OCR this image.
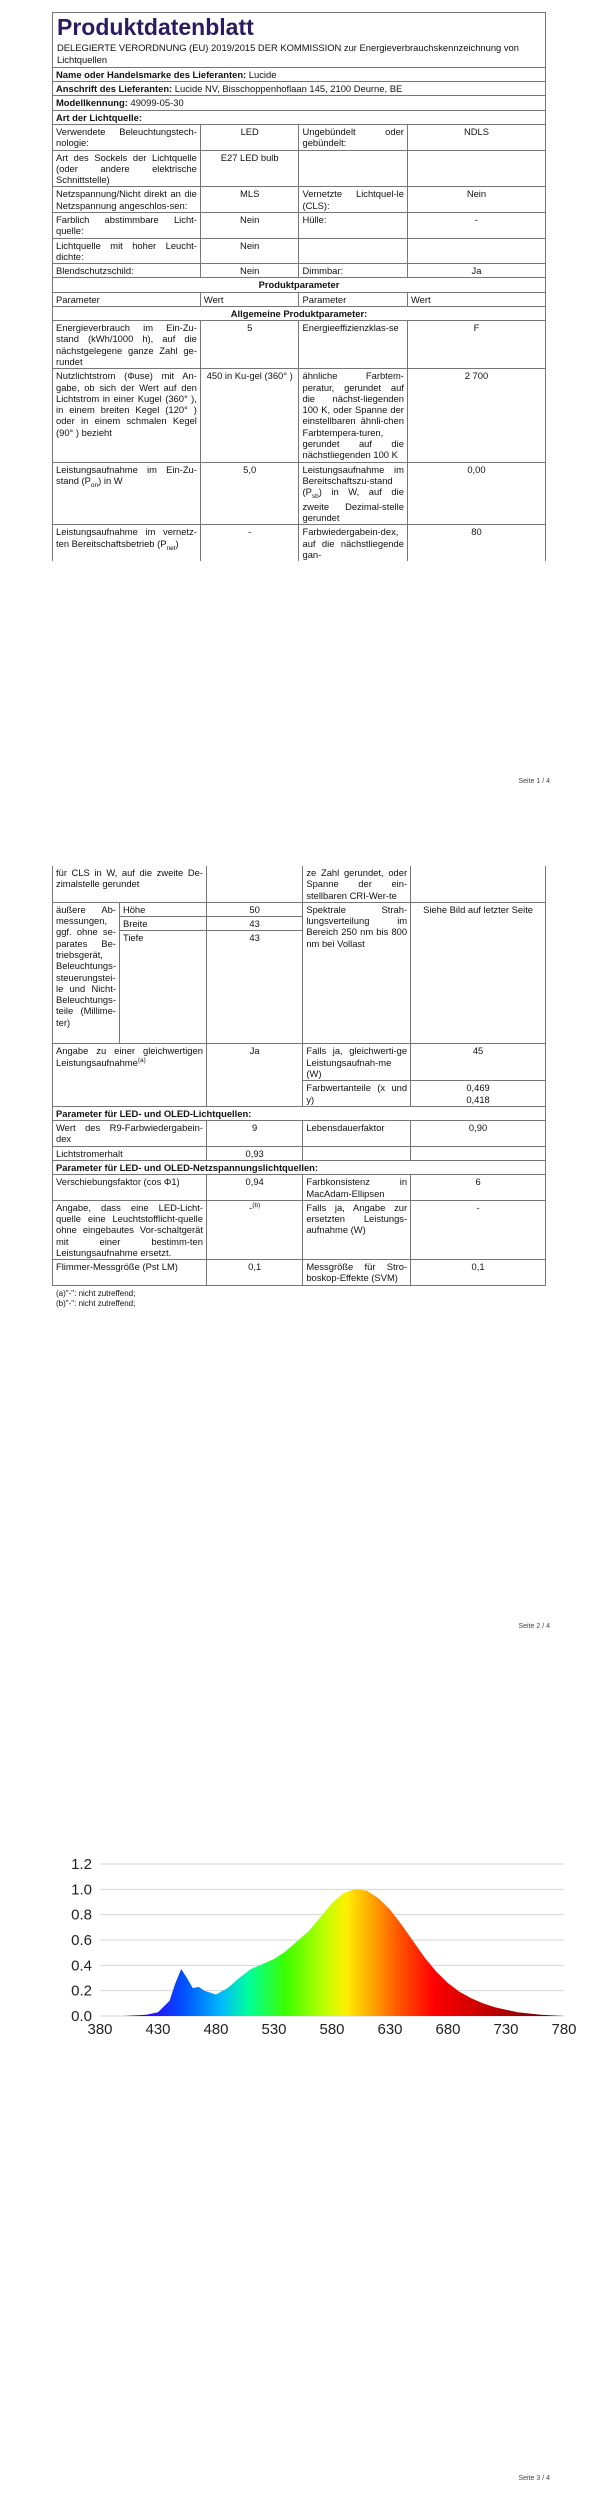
Produktdatenblatt
DELEGIERTE VERORDNUNG (EU) 2019/2015 DER KOMMISSION zur Energieverbrauchskennzeichnung von Lichtquellen			

Name oder Handelsmarke des Lieferanten: Lucide			
Anschrift des Lieferanten: Lucide NV, Bisschoppenhoflaan 145, 2100 Deurne, BE			
Modellkennung: 49099-05-30			
Art der Lichtquelle:			
Verwendete Beleuchtungstech-nologie:	LED	Ungebündelt oder gebündelt:	NDLS
Art des Sockels der Lichtquelle (oder andere elektrische Schnittstelle)	E27 LED bulb		
Netzspannung/Nicht direkt an die Netzspannung angeschlos-sen:	MLS	Vernetzte Lichtquel-le (CLS):	Nein
Farblich abstimmbare Licht-quelle:	Nein	Hülle:	-
Lichtquelle mit hoher Leucht-dichte:	Nein		
Blendschutzschild:	Nein	Dimmbar:	Ja
Produktparameter			
Parameter	Wert	Parameter	Wert
Allgemeine Produktparameter:			
Energieverbrauch im Ein-Zu-stand (kWh/1000 h), auf die nächstgelegene ganze Zahl ge-rundet	5	Energieeffizienzklas-se	F
Nutzlichtstrom (Φuse) mit An-gabe, ob sich der Wert auf den Lichtstrom in einer Kugel (360° ), in einem breiten Kegel (120° ) oder in einem schmalen Kegel (90° ) bezieht	450 in Ku-gel (360° )	ähnliche Farbtem-peratur, gerundet auf die nächst-liegenden 100 K, oder Spanne der einstellbaren ähnli-chen Farbtempera-turen, gerundet auf die nächstliegenden 100 K	2 700
Leistungsaufnahme im Ein-Zu-stand $(P_{on})$ in W	5,0	Leistungsaufnahme im Bereitschaftszu-stand $(P_{sb})$ in W, auf die zweite Dezimal-stelle gerundet	0,00
Leistungsaufnahme im vernetz-ten Bereitschaftsbetrieb $(P_{net})$	-	Farbwiedergabein-dex, auf die nächstliegende gan-	80
Seite 1 / 4
für CLS in W, auf die zweite De-zimalstelle gerundet			ze Zahl gerundet, oder Spanne der ein-stellbaren CRI-Wer-te	
äußere Ab-messungen, ggf. ohne se-parates Be-triebsgerät, Beleuchtungs-steuerungstei-le und Nicht-Beleuchtungs-teile (Millime-ter)	Höhe	50	Spektrale Strah-lungsverteilung im Bereich 250 nm bis 800 nm bei Vollast	Siehe Bild auf letzter Seite
	Breite	43		
	Tiefe	43		
Angabe zu einer gleichwertigen Leistungsaufnahme$^{(a)}$		Ja	Falls ja, gleichwerti-ge Leistungsaufnah-me (W)	45
			Farbwertanteile (x und y)	0,469
0,418

Parameter für LED- und OLED-Lichtquellen:				
Wert des R9-Farbwiedergabein-dex		9	Lebensdauerfaktor	0,90
Lichtstromerhalt		0,93		
Parameter für LED- und OLED-Netzspannungslichtquellen:				
Verschiebungsfaktor (cos Φ1)		0,94	Farbkonsistenz in MacAdam-Ellipsen	6
Angabe, dass eine LED-Licht-quelle eine Leuchtstofflicht-quelle ohne eingebautes Vor-schaltgerät mit einer bestimm-ten Leistungsaufnahme ersetzt.		-$^{(b)}$	Falls ja, Angabe zur ersetzten Leistungs-aufnahme (W)	-
Flimmer-Messgröße (Pst LM)		0,1	Messgröße für Stro-boskop-Effekte (SVM)	0,1
(a)"-": nicht zutreffend;
(b)"-": nicht zutreffend;
Seite 2 / 4
0.0
0.2
0.4
0.6
0.8
1.0
1.2
380 430 480 530 580 630 680 730 780
Seite 3 / 4
